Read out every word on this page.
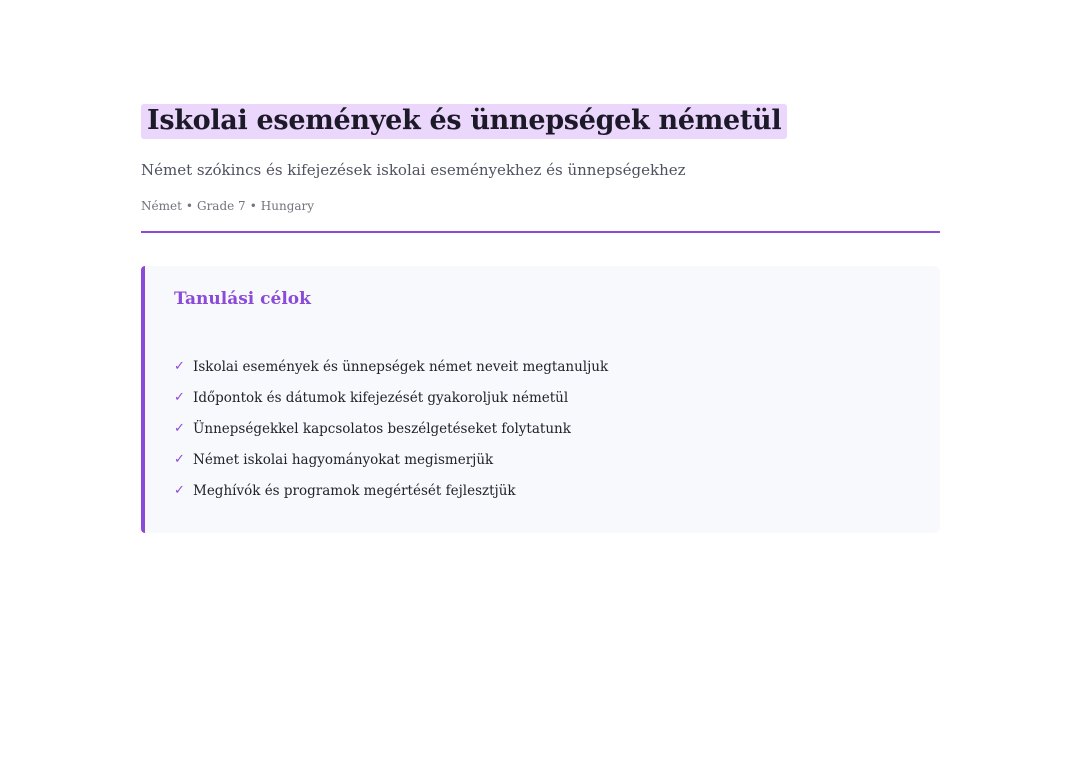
Iskolai események és ünnepségek németül
Német szókincs és kifejezések iskolai eseményekhez és ünnepségekhez
Német • Grade 7 • Hungary
Tanulási célok
✓ Iskolai események és ünnepségek német neveit megtanuljuk
✓ Időpontok és dátumok kifejezését gyakoroljuk németül
✓ Ünnepségekkel kapcsolatos beszélgetéseket folytatunk
✓ Német iskolai hagyományokat megismerjük
✓ Meghívók és programok megértését fejlesztjük
